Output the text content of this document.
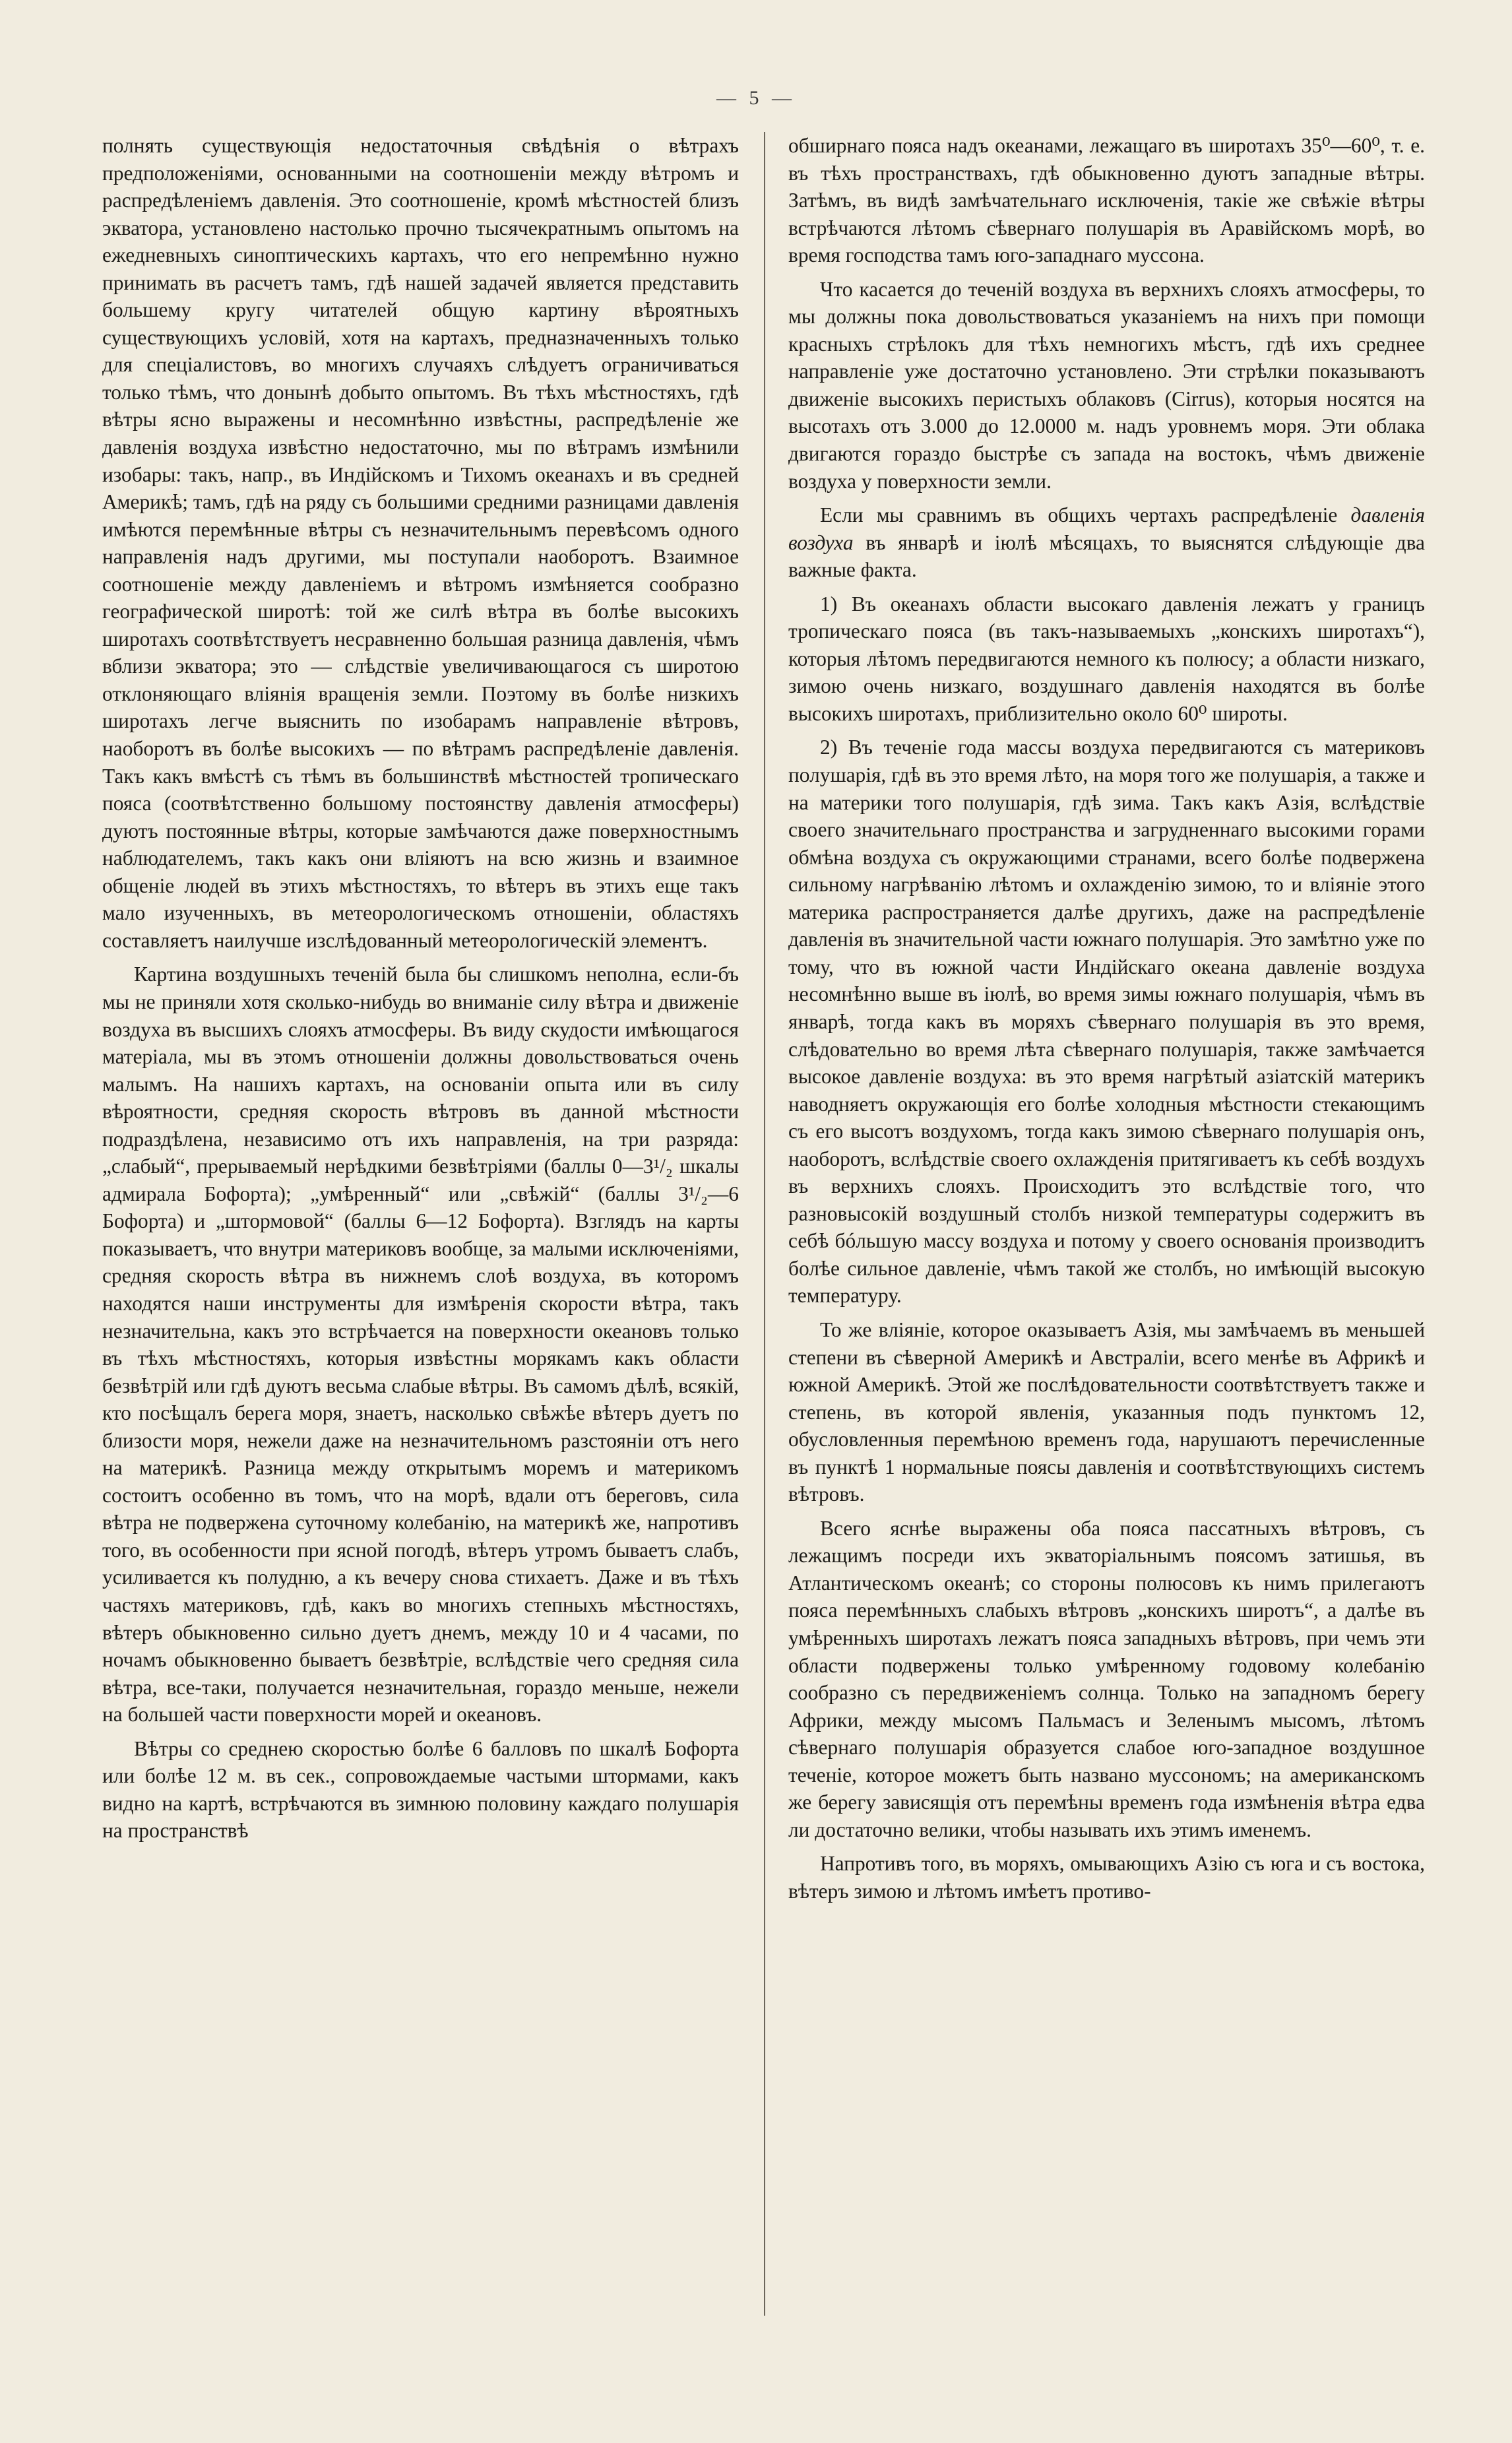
— 5 —

полнять существующія недостаточныя свѣдѣнія о вѣтрахъ предположеніями, основанными на соотношеніи между вѣтромъ и распредѣленіемъ давленія. Это соотношеніе, кромѣ мѣстностей близъ экватора, установлено настолько прочно тысячекратнымъ опытомъ на ежедневныхъ синоптическихъ картахъ, что его непремѣнно нужно принимать въ расчетъ тамъ, гдѣ нашей задачей является представить большему кругу читателей общую картину вѣроятныхъ существующихъ условій, хотя на картахъ, предназначенныхъ только для спеціалистовъ, во многихъ случаяхъ слѣдуетъ ограничиваться только тѣмъ, что донынѣ добыто опытомъ. Въ тѣхъ мѣстностяхъ, гдѣ вѣтры ясно выражены и несомнѣнно извѣстны, распредѣленіе же давленія воздуха извѣстно недостаточно, мы по вѣтрамъ измѣнили изобары: такъ, напр., въ Индійскомъ и Тихомъ океанахъ и въ средней Америкѣ; тамъ, гдѣ на ряду съ большими средними разницами давленія имѣются перемѣнные вѣтры съ незначительнымъ перевѣсомъ одного направленія надъ другими, мы поступали наоборотъ. Взаимное соотношеніе между давленіемъ и вѣтромъ измѣняется сообразно географической широтѣ: той же силѣ вѣтра въ болѣе высокихъ широтахъ соотвѣтствуетъ несравненно большая разница давленія, чѣмъ вблизи экватора; это — слѣдствіе увеличивающагося съ широтою отклоняющаго вліянія вращенія земли. Поэтому въ болѣе низкихъ широтахъ легче выяснить по изобарамъ направленіе вѣтровъ, наоборотъ въ болѣе высокихъ — по вѣтрамъ распредѣленіе давленія. Такъ какъ вмѣстѣ съ тѣмъ въ большинствѣ мѣстностей тропическаго пояса (соотвѣтственно большому постоянству давленія атмосферы) дуютъ постоянные вѣтры, которые замѣчаются даже поверхностнымъ наблюдателемъ, такъ какъ они вліяютъ на всю жизнь и взаимное общеніе людей въ этихъ мѣстностяхъ, то вѣтеръ въ этихъ еще такъ мало изученныхъ, въ метеорологическомъ отношеніи, областяхъ составляетъ наилучше изслѣдованный метеорологическій элементъ.

Картина воздушныхъ теченій была бы слишкомъ неполна, если-бъ мы не приняли хотя сколько-нибудь во вниманіе силу вѣтра и движеніе воздуха въ высшихъ слояхъ атмосферы. Въ виду скудости имѣющагося матеріала, мы въ этомъ отношеніи должны довольствоваться очень малымъ. На нашихъ картахъ, на основаніи опыта или въ силу вѣроятности, средняя скорость вѣтровъ въ данной мѣстности подраздѣлена, независимо отъ ихъ направленія, на три разряда: „слабый“, прерываемый нерѣдкими безвѣтріями (баллы 0—3¹/₂ шкалы адмирала Бофорта); „умѣренный“ или „свѣжій“ (баллы 3¹/₂—6 Бофорта) и „штормовой“ (баллы 6—12 Бофорта). Взглядъ на карты показываетъ, что внутри материковъ вообще, за малыми исключеніями, средняя скорость вѣтра въ нижнемъ слоѣ воздуха, въ которомъ находятся наши инструменты для измѣренія скорости вѣтра, такъ незначительна, какъ это встрѣчается на поверхности океановъ только въ тѣхъ мѣстностяхъ, которыя извѣстны морякамъ какъ области безвѣтрій или гдѣ дуютъ весьма слабые вѣтры. Въ самомъ дѣлѣ, всякій, кто посѣщалъ берега моря, знаетъ, насколько свѣжѣе вѣтеръ дуетъ по близости моря, нежели даже на незначительномъ разстояніи отъ него на материкѣ. Разница между открытымъ моремъ и материкомъ состоитъ особенно въ томъ, что на морѣ, вдали отъ береговъ, сила вѣтра не подвержена суточному колебанію, на материкѣ же, напротивъ того, въ особенности при ясной погодѣ, вѣтеръ утромъ бываетъ слабъ, усиливается къ полудню, а къ вечеру снова стихаетъ. Даже и въ тѣхъ частяхъ материковъ, гдѣ, какъ во многихъ степныхъ мѣстностяхъ, вѣтеръ обыкновенно сильно дуетъ днемъ, между 10 и 4 часами, по ночамъ обыкновенно бываетъ безвѣтріе, вслѣдствіе чего средняя сила вѣтра, все-таки, получается незначительная, гораздо меньше, нежели на большей части поверхности морей и океановъ.

Вѣтры со среднею скоростью болѣе 6 балловъ по шкалѣ Бофорта или болѣе 12 м. въ сек., сопровождаемые частыми штормами, какъ видно на картѣ, встрѣчаются въ зимнюю половину каждаго полушарія на пространствѣ

обширнаго пояса надъ океанами, лежащаго въ широтахъ 35⁰—60⁰, т. е. въ тѣхъ пространствахъ, гдѣ обыкновенно дуютъ западные вѣтры. Затѣмъ, въ видѣ замѣчательнаго исключенія, такіе же свѣжіе вѣтры встрѣчаются лѣтомъ сѣвернаго полушарія въ Аравійскомъ морѣ, во время господства тамъ юго-западнаго муссона.

Что касается до теченій воздуха въ верхнихъ слояхъ атмосферы, то мы должны пока довольствоваться указаніемъ на нихъ при помощи красныхъ стрѣлокъ для тѣхъ немногихъ мѣстъ, гдѣ ихъ среднее направленіе уже достаточно установлено. Эти стрѣлки показываютъ движеніе высокихъ перистыхъ облаковъ (Cirrus), которыя носятся на высотахъ отъ 3.000 до 12.0000 м. надъ уровнемъ моря. Эти облака двигаются гораздо быстрѣе съ запада на востокъ, чѣмъ движеніе воздуха у поверхности земли.

Если мы сравнимъ въ общихъ чертахъ распредѣленіе давленія воздуха въ январѣ и іюлѣ мѣсяцахъ, то выяснятся слѣдующіе два важные факта.

1) Въ океанахъ области высокаго давленія лежатъ у границъ тропическаго пояса (въ такъ-называемыхъ „конскихъ широтахъ“), которыя лѣтомъ передвигаются немного къ полюсу; а области низкаго, зимою очень низкаго, воздушнаго давленія находятся въ болѣе высокихъ широтахъ, приблизительно около 60⁰ широты.

2) Въ теченіе года массы воздуха передвигаются съ материковъ полушарія, гдѣ въ это время лѣто, на моря того же полушарія, а также и на материки того полушарія, гдѣ зима. Такъ какъ Азія, вслѣдствіе своего значительнаго пространства и загрудненнаго высокими горами обмѣна воздуха съ окружающими странами, всего болѣе подвержена сильному нагрѣванію лѣтомъ и охлажденію зимою, то и вліяніе этого материка распространяется далѣе другихъ, даже на распредѣленіе давленія въ значительной части южнаго полушарія. Это замѣтно уже по тому, что въ южной части Индійскаго океана давленіе воздуха несомнѣнно выше въ іюлѣ, во время зимы южнаго полушарія, чѣмъ въ январѣ, тогда какъ въ моряхъ сѣвернаго полушарія въ это время, слѣдовательно во время лѣта сѣвернаго полушарія, также замѣчается высокое давленіе воздуха: въ это время нагрѣтый азіатскій материкъ наводняетъ окружающія его болѣе холодныя мѣстности стекающимъ съ его высотъ воздухомъ, тогда какъ зимою сѣвернаго полушарія онъ, наоборотъ, вслѣдствіе своего охлажденія притягиваетъ къ себѣ воздухъ въ верхнихъ слояхъ. Происходитъ это вслѣдствіе того, что разновысокій воздушный столбъ низкой температуры содержитъ въ себѣ бóльшую массу воздуха и потому у своего основанія производитъ болѣе сильное давленіе, чѣмъ такой же столбъ, но имѣющій высокую температуру.

То же вліяніе, которое оказываетъ Азія, мы замѣчаемъ въ меньшей степени въ сѣверной Америкѣ и Австраліи, всего менѣе въ Африкѣ и южной Америкѣ. Этой же послѣдовательности соотвѣтствуетъ также и степень, въ которой явленія, указанныя подъ пунктомъ 12, обусловленныя перемѣною временъ года, нарушаютъ перечисленные въ пунктѣ 1 нормальные поясы давленія и соотвѣтствующихъ системъ вѣтровъ.

Всего яснѣе выражены оба пояса пассатныхъ вѣтровъ, съ лежащимъ посреди ихъ экваторіальнымъ поясомъ затишья, въ Атлантическомъ океанѣ; со стороны полюсовъ къ нимъ прилегаютъ пояса перемѣнныхъ слабыхъ вѣтровъ „конскихъ широтъ“, а далѣе въ умѣренныхъ широтахъ лежатъ пояса западныхъ вѣтровъ, при чемъ эти области подвержены только умѣренному годовому колебанію сообразно съ передвиженіемъ солнца. Только на западномъ берегу Африки, между мысомъ Пальмасъ и Зеленымъ мысомъ, лѣтомъ сѣвернаго полушарія образуется слабое юго-западное воздушное теченіе, которое можетъ быть названо муссономъ; на американскомъ же берегу зависящія отъ перемѣны временъ года измѣненія вѣтра едва ли достаточно велики, чтобы называть ихъ этимъ именемъ.

Напротивъ того, въ моряхъ, омывающихъ Азію съ юга и съ востока, вѣтеръ зимою и лѣтомъ имѣетъ противо-
